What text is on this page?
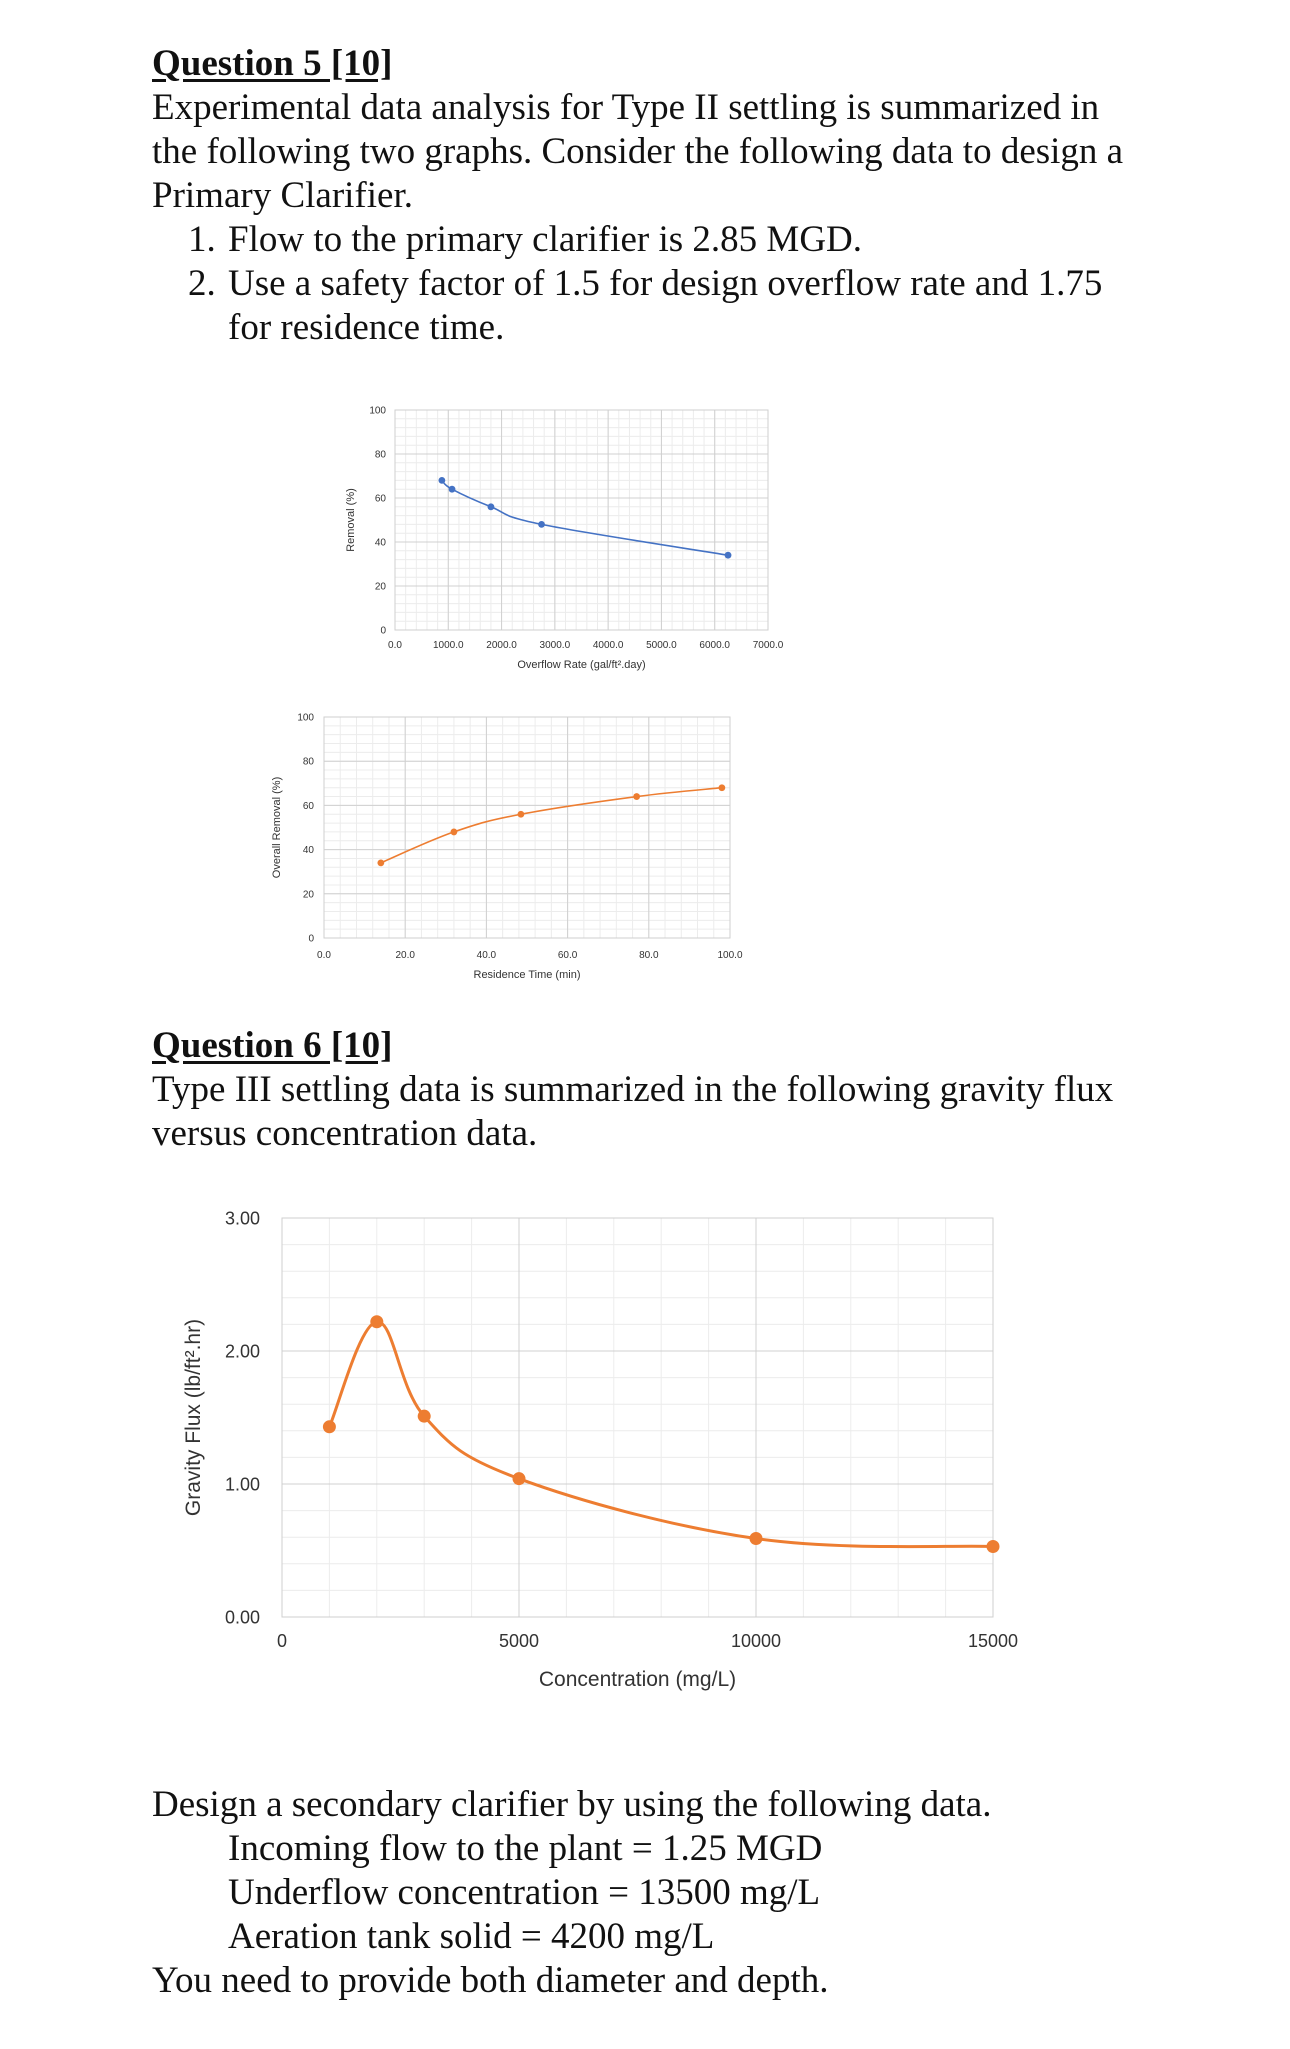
Question 5 [10]

Experimental data analysis for Type II settling is summarized in the following two graphs. Consider the following data to design a Primary Clarifier.

1. Flow to the primary clarifier is 2.85 MGD.
2. Use a safety factor of 1.5 for design overflow rate and 1.75 for residence time.
0.0	1000.0 2000.0 3000.0 4000.0 5000.0 6000.0 7000.0
0
20
40
60
80
100
Overflow Rate (gal/ft².day)
Removal (%)
0.0	20.0	40.0	60.0	80.0	100.0
0
20
40
60
80
100
Residence Time (min)
Overall Removal (%)
0	5000	10000	15000
0.00
1.00
2.00
3.00
Concentration (mg/L)
Gravity Flux (lb/ft².hr)
Question 6 [10]

Type III settling data is summarized in the following gravity flux versus concentration data.

Design a secondary clarifier by using the following data.

Incoming flow to the plant = 1.25 MGD

Underflow concentration = 13500 mg/L

Aeration tank solid = 4200 mg/L

You need to provide both diameter and depth.
